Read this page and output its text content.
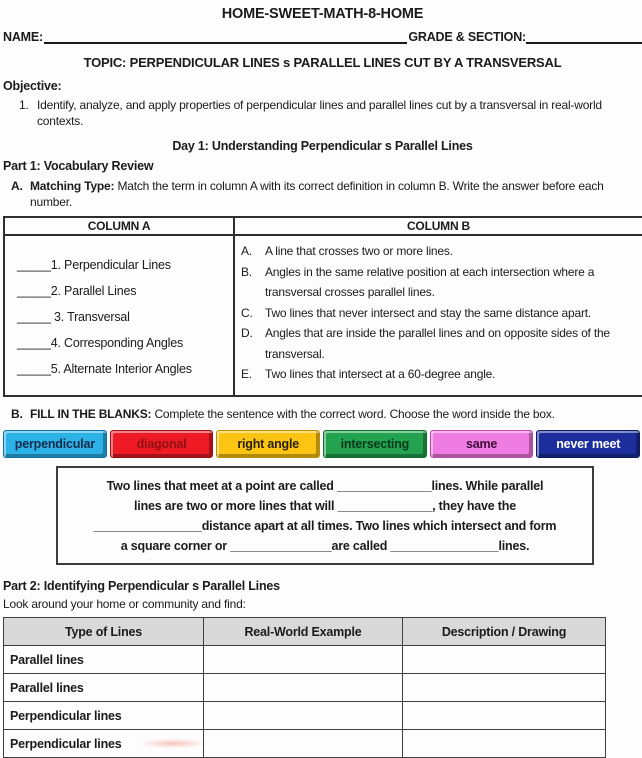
HOME-SWEET-MATH-8-HOME
NAME:	GRADE & SECTION:
TOPIC: PERPENDICULAR LINES s PARALLEL LINES CUT BY A TRANSVERSAL
Objective:
1. Identify, analyze, and apply properties of perpendicular lines and parallel lines cut by a transversal in real-world contexts.
Day 1: Understanding Perpendicular s Parallel Lines
Part 1: Vocabulary Review
A. Matching Type: Match the term in column A with its correct definition in column B. Write the answer before each number.
COLUMN A	COLUMN B
_____1. Perpendicular Lines
_____2. Parallel Lines
_____ 3. Transversal
_____4. Corresponding Angles
_____5. Alternate Interior Angles
A.	A line that crosses two or more lines.
B.	Angles in the same relative position at each intersection where a transversal crosses parallel lines.
C.	Two lines that never intersect and stay the same distance apart.
D.	Angles that are inside the parallel lines and on opposite sides of the transversal.
E.	Two lines that intersect at a 60-degree angle.
B. FILL IN THE BLANKS: Complete the sentence with the correct word. Choose the word inside the box.
perpendicular	diagonal	right angle	intersecting	same	never meet
Two lines that meet at a point are called ______________lines. While parallel
lines are two or more lines that will ______________, they have the
________________distance apart at all times. Two lines which intersect and form
a square corner or _______________are called ________________lines.
Part 2: Identifying Perpendicular s Parallel Lines
Look around your home or community and find:
Type of Lines	Real-World Example	Description / Drawing
Parallel lines		
Parallel lines		
Perpendicular lines		
Perpendicular lines		
